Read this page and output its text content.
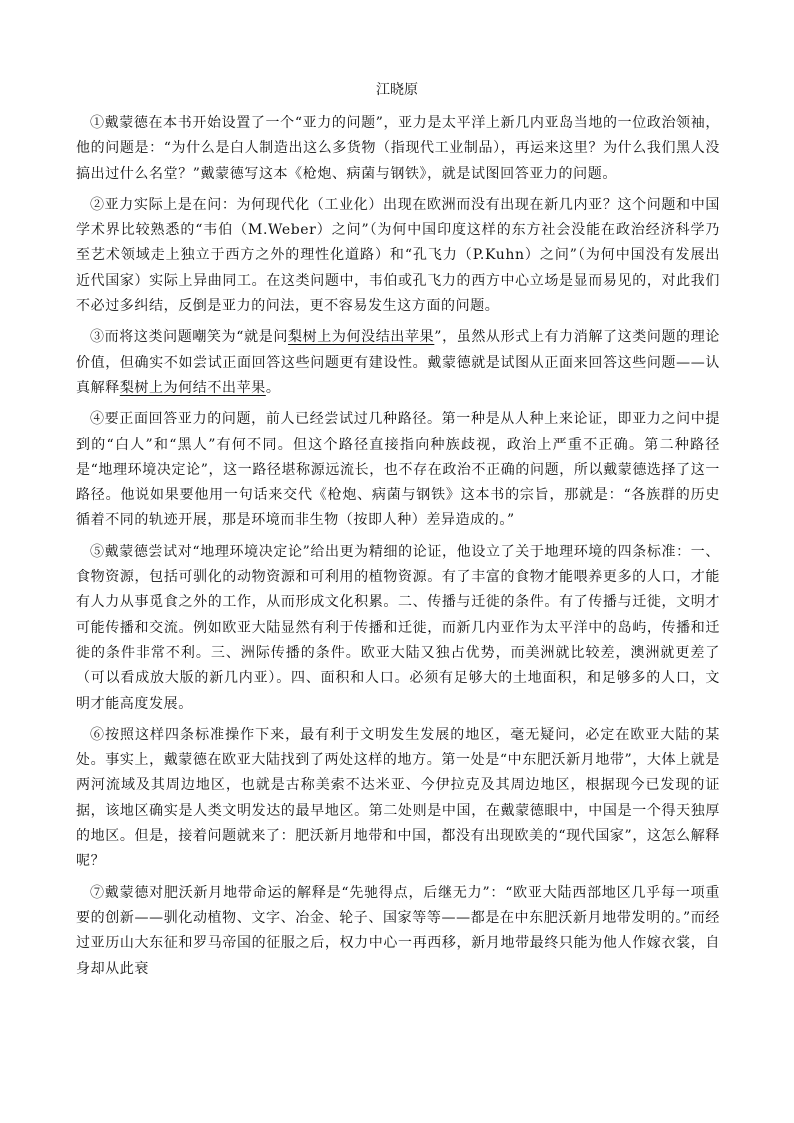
江晓原

①戴蒙德在本书开始设置了一个“亚力的问题”，亚力是太平洋上新几内亚岛当地的一位政治领袖，他的问题是：“为什么是白人制造出这么多货物（指现代工业制品），再运来这里？为什么我们黑人没搞出过什么名堂？”戴蒙德写这本《枪炮、病菌与钢铁》，就是试图回答亚力的问题。

②亚力实际上是在问：为何现代化（工业化）出现在欧洲而没有出现在新几内亚？这个问题和中国学术界比较熟悉的“韦伯（M.Weber）之问”（为何中国印度这样的东方社会没能在政治经济科学乃至艺术领域走上独立于西方之外的理性化道路）和“孔飞力（P.Kuhn）之问”（为何中国没有发展出近代国家）实际上异曲同工。在这类问题中，韦伯或孔飞力的西方中心立场是显而易见的，对此我们不必过多纠结，反倒是亚力的问法，更不容易发生这方面的问题。

③而将这类问题嘲笑为“就是问梨树上为何没结出苹果”，虽然从形式上有力消解了这类问题的理论价值，但确实不如尝试正面回答这些问题更有建设性。戴蒙德就是试图从正面来回答这些问题——认真解释梨树上为何结不出苹果。

④要正面回答亚力的问题，前人已经尝试过几种路径。第一种是从人种上来论证，即亚力之问中提到的“白人”和“黑人”有何不同。但这个路径直接指向种族歧视，政治上严重不正确。第二种路径是“地理环境决定论”，这一路径堪称源远流长，也不存在政治不正确的问题，所以戴蒙德选择了这一路径。他说如果要他用一句话来交代《枪炮、病菌与钢铁》这本书的宗旨，那就是：“各族群的历史循着不同的轨迹开展，那是环境而非生物（按即人种）差异造成的。”

⑤戴蒙德尝试对“地理环境决定论”给出更为精细的论证，他设立了关于地理环境的四条标准：一、食物资源，包括可驯化的动物资源和可利用的植物资源。有了丰富的食物才能喂养更多的人口，才能有人力从事觅食之外的工作，从而形成文化积累。二、传播与迁徙的条件。有了传播与迁徙，文明才可能传播和交流。例如欧亚大陆显然有利于传播和迁徙，而新几内亚作为太平洋中的岛屿，传播和迁徙的条件非常不利。三、洲际传播的条件。欧亚大陆又独占优势，而美洲就比较差，澳洲就更差了（可以看成放大版的新几内亚）。四、面积和人口。必须有足够大的土地面积，和足够多的人口，文明才能高度发展。

⑥按照这样四条标准操作下来，最有利于文明发生发展的地区，毫无疑问，必定在欧亚大陆的某处。事实上，戴蒙德在欧亚大陆找到了两处这样的地方。第一处是“中东肥沃新月地带”，大体上就是两河流域及其周边地区，也就是古称美索不达米亚、今伊拉克及其周边地区，根据现今已发现的证据，该地区确实是人类文明发达的最早地区。第二处则是中国，在戴蒙德眼中，中国是一个得天独厚的地区。但是，接着问题就来了：肥沃新月地带和中国，都没有出现欧美的“现代国家”，这怎么解释呢？

⑦戴蒙德对肥沃新月地带命运的解释是“先驰得点，后继无力”：“欧亚大陆西部地区几乎每一项重要的创新——驯化动植物、文字、冶金、轮子、国家等等——都是在中东肥沃新月地带发明的。”而经过亚历山大东征和罗马帝国的征服之后，权力中心一再西移，新月地带最终只能为他人作嫁衣裳，自身却从此衰
